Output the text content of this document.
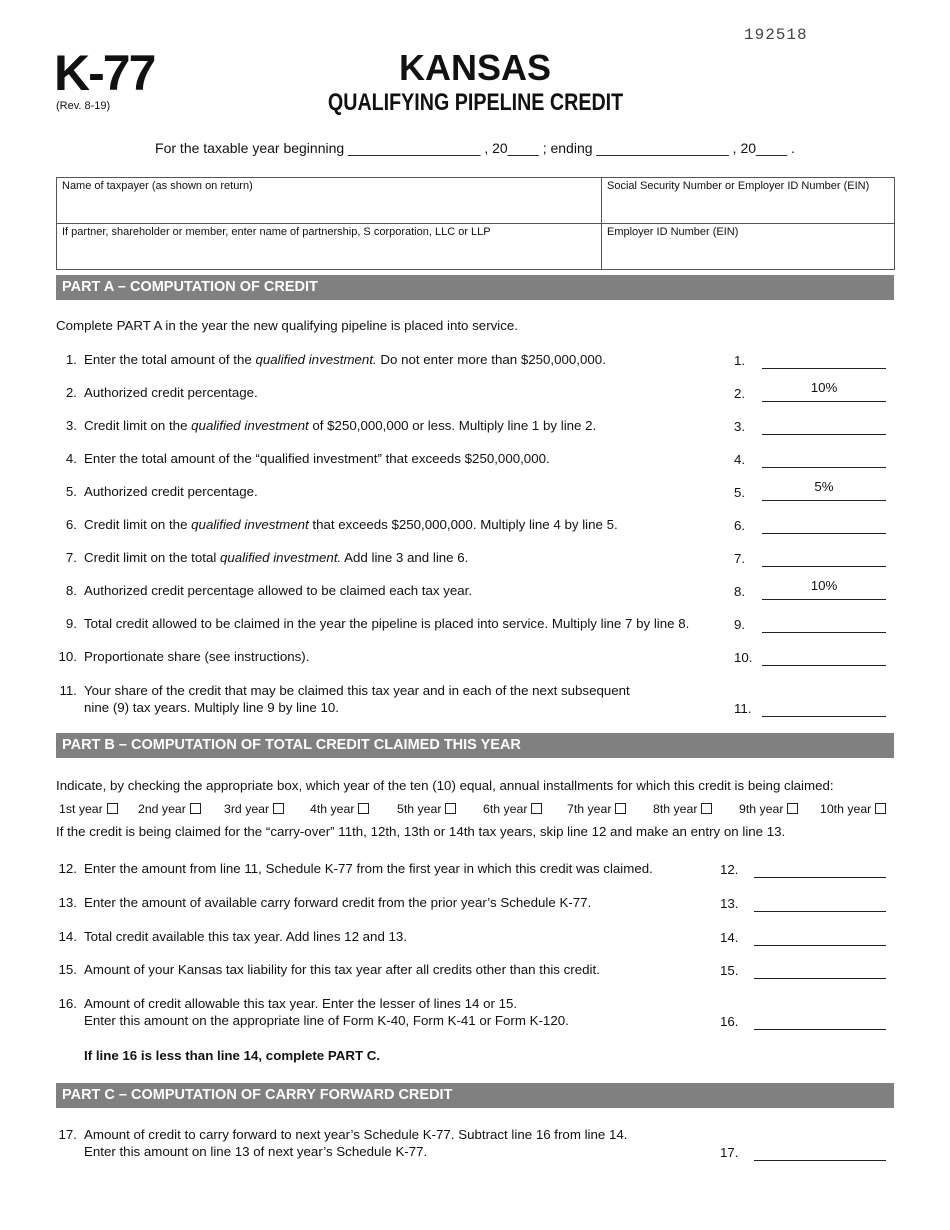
192518
K-77
(Rev. 8-19)
KANSAS
QUALIFYING PIPELINE CREDIT
For the taxable year beginning _________________ , 20____ ; ending _________________ , 20____ .
Name of taxpayer (as shown on return)	Social Security Number or Employer ID Number (EIN)
If partner, shareholder or member, enter name of partnership, S corporation, LLC or LLP	Employer ID Number (EIN)
PART A – COMPUTATION OF CREDIT
Complete PART A in the year the new qualifying pipeline is placed into service.
1. Enter the total amount of the qualified investment. Do not enter more than $250,000,000.	1.
2. Authorized credit percentage.	2.	10%
3. Credit limit on the qualified investment of $250,000,000 or less. Multiply line 1 by line 2.	3.
4. Enter the total amount of the “qualified investment” that exceeds $250,000,000.	4.
5. Authorized credit percentage.	5.	5%
6. Credit limit on the qualified investment that exceeds $250,000,000. Multiply line 4 by line 5.	6.
7. Credit limit on the total qualified investment. Add line 3 and line 6.	7.
8. Authorized credit percentage allowed to be claimed each tax year.	8.	10%
9. Total credit allowed to be claimed in the year the pipeline is placed into service. Multiply line 7 by line 8.	9.
10. Proportionate share (see instructions).	10.
11. Your share of the credit that may be claimed this tax year and in each of the next subsequent
nine (9) tax years. Multiply line 9 by line 10.	11.
PART B – COMPUTATION OF TOTAL CREDIT CLAIMED THIS YEAR
Indicate, by checking the appropriate box, which year of the ten (10) equal, annual installments for which this credit is being claimed:
1st year	2nd year	3rd year	4th year	5th year	6th year	7th year	8th year	9th year	10th year
If the credit is being claimed for the “carry-over” 11th, 12th, 13th or 14th tax years, skip line 12 and make an entry on line 13.
12. Enter the amount from line 11, Schedule K-77 from the first year in which this credit was claimed.	12.
13. Enter the amount of available carry forward credit from the prior year’s Schedule K-77.	13.
14. Total credit available this tax year. Add lines 12 and 13.	14.
15. Amount of your Kansas tax liability for this tax year after all credits other than this credit.	15.
16. Amount of credit allowable this tax year. Enter the lesser of lines 14 or 15.
Enter this amount on the appropriate line of Form K-40, Form K-41 or Form K-120.	16.
If line 16 is less than line 14, complete PART C.
PART C – COMPUTATION OF CARRY FORWARD CREDIT
17. Amount of credit to carry forward to next year’s Schedule K-77. Subtract line 16 from line 14.
Enter this amount on line 13 of next year’s Schedule K-77.	17.
